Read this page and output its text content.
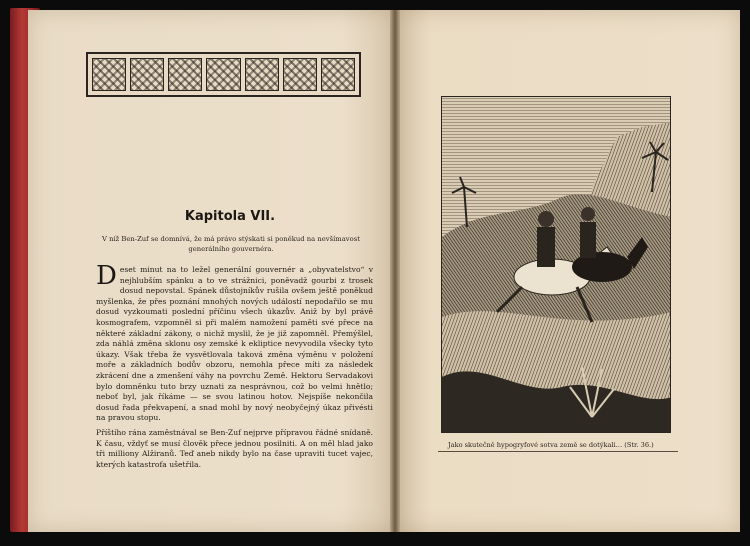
Kapitola VII.
V níž Ben-Zuf se domnívá, že má právo stýskati si poněkud na nevšímavost generálního gouvernéra.

Deset minut na to ležel generální gouvernér a „obyvatelstvo“ v nejhlubším spánku a to ve strážnici, poněvadž gourbi z trosek dosud nepovstal. Spánek důstojníkův rušila ovšem ještě poněkud myšlenka, že přes poznání mnohých nových událostí nepodařilo se mu dosud vyzkoumati poslední příčinu všech úkazův. Aniž by byl právě kosmografem, vzpomněl si při malém namožení paměti své přece na některé základní zákony, o nichž myslil, že je již zapomněl. Přemýšlel, zda náhlá změna sklonu osy zemské k ekliptice nevyvodila všecky tyto úkazy. Však třeba že vysvětlovala taková změna výměnu v položení moře a základních bodův obzoru, nemohla přece míti za následek zkrácení dne a zmenšení váhy na povrchu Země. Hektoru Servadakovi bylo domněnku tuto brzy uznati za nesprávnou, což bo velmi hnětlo; neboť byl, jak říkáme — se svou latinou hotov. Nejspíše nekončila dosud řada překvapení, a snad mohl by nový neobyčejný úkaz přivésti na pravou stopu.

Příštího rána zaměstnával se Ben-Zuf nejprve přípravou řádné snídaně. K času, vždyť se musí člověk přece jednou posilniti. A on měl hlad jako tři milliony Alžiranů. Teď aneb nikdy bylo na čase upraviti tucet vajec, kterých katastrofa ušetřila.

Jako skutečně hypogryfové sotva země se dotýkali… (Str. 36.)
